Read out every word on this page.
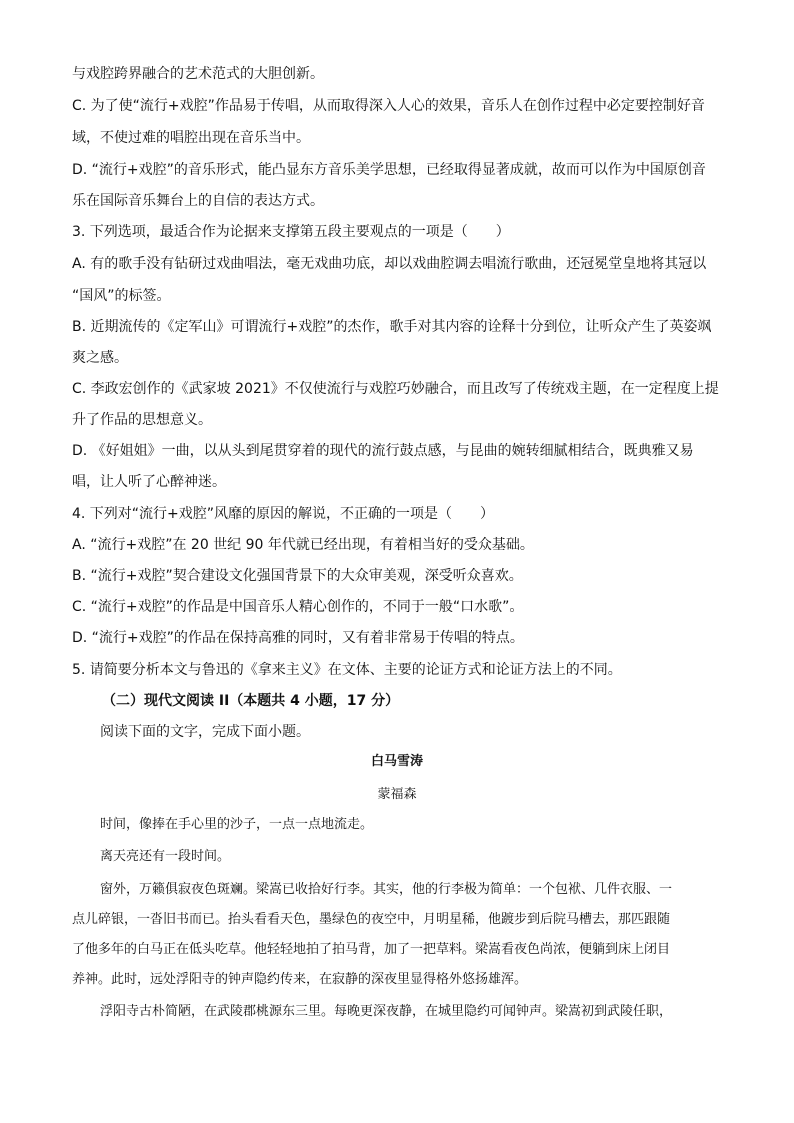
与戏腔跨界融合的艺术范式的大胆创新。
C. 为了使“流行+戏腔”作品易于传唱，从而取得深入人心的效果，音乐人在创作过程中必定要控制好音
域，不使过难的唱腔出现在音乐当中。
D. “流行+戏腔”的音乐形式，能凸显东方音乐美学思想，已经取得显著成就，故而可以作为中国原创音
乐在国际音乐舞台上的自信的表达方式。
3. 下列选项，最适合作为论据来支撑第五段主要观点的一项是（　　）
A. 有的歌手没有钻研过戏曲唱法，毫无戏曲功底，却以戏曲腔调去唱流行歌曲，还冠冕堂皇地将其冠以
“国风”的标签。
B. 近期流传的《定军山》可谓流行+戏腔”的杰作，歌手对其内容的诠释十分到位，让听众产生了英姿飒
爽之感。
C. 李政宏创作的《武家坡 2021》不仅使流行与戏腔巧妙融合，而且改写了传统戏主题，在一定程度上提
升了作品的思想意义。
D. 《好姐姐》一曲，以从头到尾贯穿着的现代的流行鼓点感，与昆曲的婉转细腻相结合，既典雅又易
唱，让人听了心醉神迷。
4. 下列对“流行+戏腔”风靡的原因的解说，不正确的一项是（　　）
A. “流行+戏腔”在 20 世纪 90 年代就已经出现，有着相当好的受众基础。
B. “流行+戏腔”契合建设文化强国背景下的大众审美观，深受听众喜欢。
C. “流行+戏腔”的作品是中国音乐人精心创作的，不同于一般“口水歌”。
D. “流行+戏腔”的作品在保持高雅的同时，又有着非常易于传唱的特点。
5. 请简要分析本文与鲁迅的《拿来主义》在文体、主要的论证方式和论证方法上的不同。
（二）现代文阅读 II（本题共 4 小题，17 分）
阅读下面的文字，完成下面小题。
白马雪涛
蒙福森
时间，像捧在手心里的沙子，一点一点地流走。
离天亮还有一段时间。
窗外，万籁俱寂夜色斑斓。梁嵩已收拾好行李。其实，他的行李极为简单：一个包袱、几件衣服、一
点儿碎银，一沓旧书而已。抬头看看天色，墨绿色的夜空中，月明星稀，他踱步到后院马槽去，那匹跟随
了他多年的白马正在低头吃草。他轻轻地拍了拍马背，加了一把草料。梁嵩看夜色尚浓，便躺到床上闭目
养神。此时，远处浮阳寺的钟声隐约传来，在寂静的深夜里显得格外悠扬雄浑。
浮阳寺古朴简陋，在武陵郡桃源东三里。每晚更深夜静，在城里隐约可闻钟声。梁嵩初到武陵任职，
